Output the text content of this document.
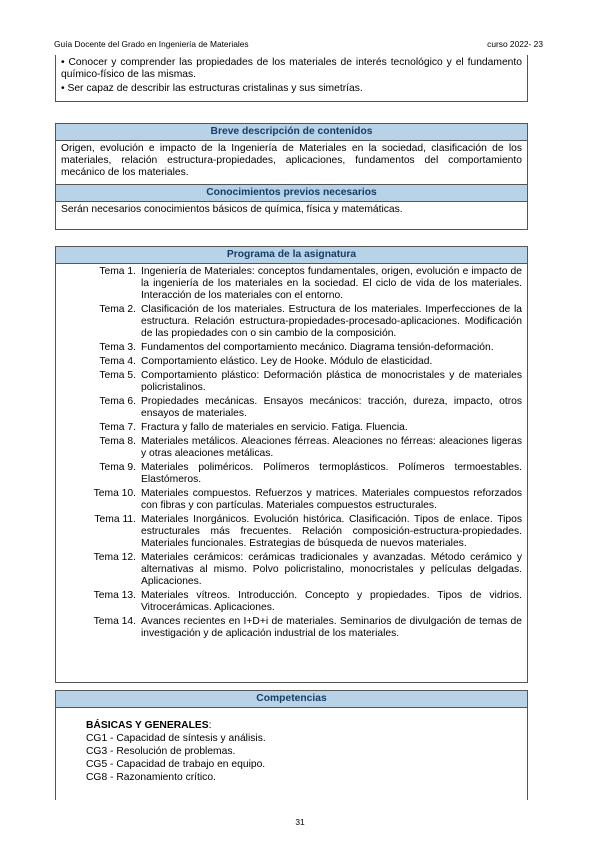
Guía Docente del Grado en Ingeniería de Materiales	curso 2022- 23

• Conocer y comprender las propiedades de los materiales de interés tecnológico y el fundamento químico-físico de las mismas.

• Ser capaz de describir las estructuras cristalinas y sus simetrías.

Breve descripción de contenidos
Origen, evolución e impacto de la Ingeniería de Materiales en la sociedad, clasificación de los materiales, relación estructura-propiedades, aplicaciones, fundamentos del comportamiento mecánico de los materiales.
Conocimientos previos necesarios
Serán necesarios conocimientos básicos de química, física y matemáticas.
Programa de la asignatura
Tema 1. Ingeniería de Materiales: conceptos fundamentales, origen, evolución e impacto de la ingeniería de los materiales en la sociedad. El ciclo de vida de los materiales. Interacción de los materiales con el entorno.
Tema 2. Clasificación de los materiales. Estructura de los materiales. Imperfecciones de la estructura. Relación estructura-propiedades-procesado-aplicaciones. Modificación de las propiedades con o sin cambio de la composición.
Tema 3. Fundamentos del comportamiento mecánico. Diagrama tensión-deformación.
Tema 4. Comportamiento elástico. Ley de Hooke. Módulo de elasticidad.
Tema 5. Comportamiento plástico: Deformación plástica de monocristales y de materiales policristalinos.
Tema 6. Propiedades mecánicas. Ensayos mecánicos: tracción, dureza, impacto, otros ensayos de materiales.
Tema 7. Fractura y fallo de materiales en servicio. Fatiga. Fluencia.
Tema 8. Materiales metálicos. Aleaciones férreas. Aleaciones no férreas: aleaciones ligeras y otras aleaciones metálicas.
Tema 9. Materiales poliméricos. Polímeros termoplásticos. Polímeros termoestables. Elastómeros.
Tema 10. Materiales compuestos. Refuerzos y matrices. Materiales compuestos reforzados con fibras y con partículas. Materiales compuestos estructurales.
Tema 11. Materiales Inorgánicos. Evolución histórica. Clasificación. Tipos de enlace. Tipos estructurales más frecuentes. Relación composición-estructura-propiedades. Materiales funcionales. Estrategias de búsqueda de nuevos materiales.
Tema 12. Materiales cerámicos: cerámicas tradicionales y avanzadas. Método cerámico y alternativas al mismo. Polvo policristalino, monocristales y películas delgadas. Aplicaciones.
Tema 13. Materiales vítreos. Introducción. Concepto y propiedades. Tipos de vidrios. Vitrocerámicas. Aplicaciones.
Tema 14. Avances recientes en I+D+i de materiales. Seminarios de divulgación de temas de investigación y de aplicación industrial de los materiales.
Competencias
BÁSICAS Y GENERALES:
CG1 - Capacidad de síntesis y análisis.
CG3 - Resolución de problemas.
CG5 - Capacidad de trabajo en equipo.
CG8 - Razonamiento crítico.
31
